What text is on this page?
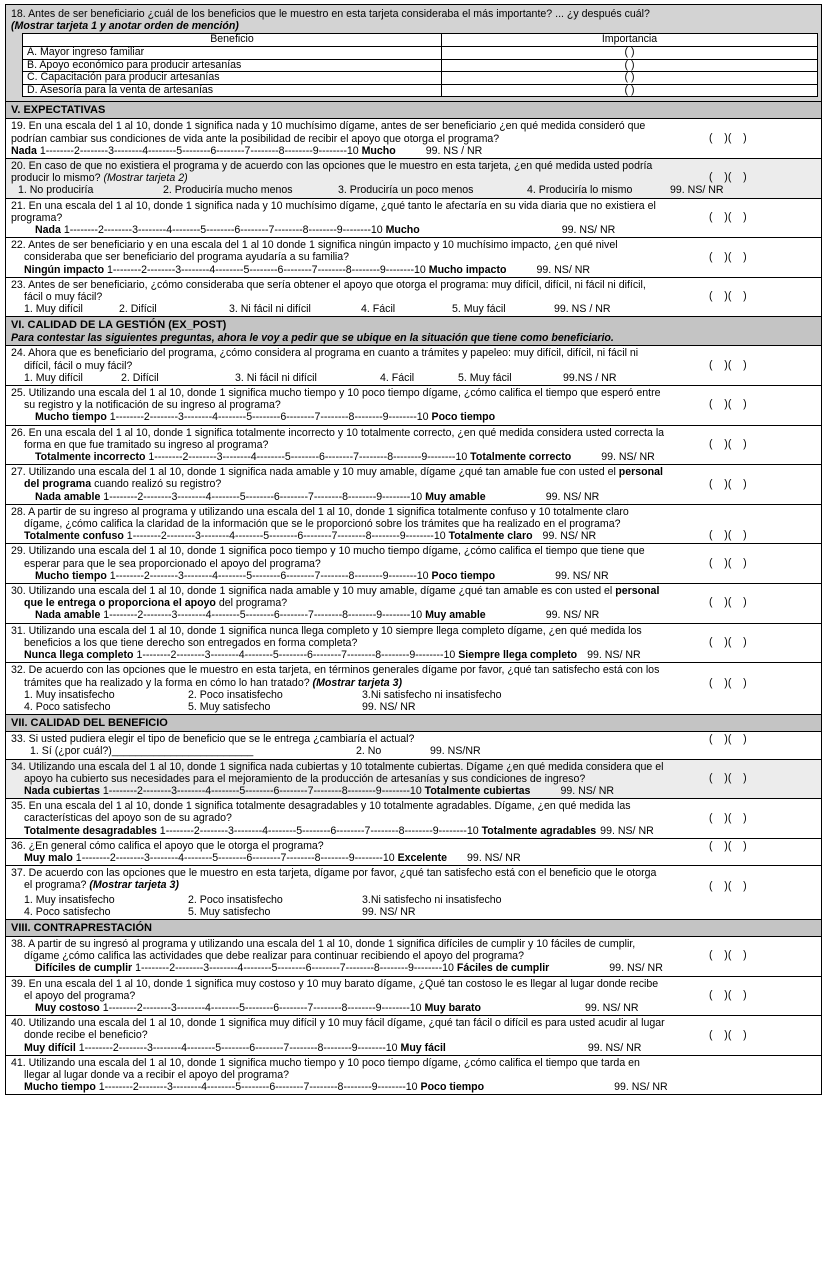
18. Antes de ser beneficiario ¿cuál de los beneficios que le muestro en esta tarjeta consideraba el más importante? ... ¿y después cuál?

(Mostrar tarjeta 1 y anotar orden de mención)

Beneficio	Importancia
A. Mayor ingreso familiar	( )
B. Apoyo económico para producir artesanías	( )
C. Capacitación para producir artesanías	( )
D. Asesoría para la venta de artesanías	( )
V. EXPECTATIVAS

19. En una escala del 1 al 10, donde 1 significa nada y 10 muchísimo dígame, antes de ser beneficiario ¿en qué medida consideró que

podrían cambiar sus condiciones de vida ante la posibilidad de recibir el apoyo que otorga el programa?

Nada 1--------2--------3--------4--------5--------6--------7--------8--------9--------10 Mucho	99. NS / NR

(    )(    )

20. En caso de que no existiera el programa y de acuerdo con las opciones que le muestro en esta tarjeta, ¿en qué medida usted podría

producir lo mismo? (Mostrar tarjeta 2)

1. No produciría	2. Produciría mucho menos	3. Produciría un poco menos	4. Produciría lo mismo	99. NS/ NR

(    )(    )

21. En una escala del 1 al 10, donde 1 significa nada y 10 muchísimo dígame, ¿qué tanto le afectaría en su vida diaria que no existiera el

programa?

Nada 1--------2--------3--------4--------5--------6--------7--------8--------9--------10 Mucho	99. NS/ NR

(    )(    )

22. Antes de ser beneficiario y en una escala del 1 al 10 donde 1 significa ningún impacto y 10 muchísimo impacto, ¿en qué nivel

consideraba que ser beneficiario del programa ayudaría a su familia?

Ningún impacto 1--------2--------3--------4--------5--------6--------7--------8--------9--------10 Mucho impacto	99. NS/ NR

(    )(    )

23. Antes de ser beneficiario, ¿cómo consideraba que sería obtener el apoyo que otorga el programa: muy difícil, difícil, ni fácil ni difícil,

fácil o muy fácil?

1. Muy difícil	2. Difícil	3. Ni fácil ni difícil	4. Fácil	5. Muy fácil	99. NS / NR

(    )(    )

VI. CALIDAD DE LA GESTIÓN (EX_POST)

Para contestar las siguientes preguntas, ahora le voy a pedir que se ubique en la situación que tiene como beneficiario.

24. Ahora que es beneficiario del programa, ¿cómo considera al programa en cuanto a trámites y papeleo: muy difícil, difícil, ni fácil ni

difícil, fácil o muy fácil?

1. Muy difícil	2. Difícil	3. Ni fácil ni difícil	4. Fácil	5. Muy fácil	99.NS / NR

(    )(    )

25. Utilizando una escala del 1 al 10, donde 1 significa mucho tiempo y 10 poco tiempo dígame, ¿cómo califica el tiempo que esperó entre

su registro y la notificación de su ingreso al programa?

Mucho tiempo 1--------2--------3--------4--------5--------6--------7--------8--------9--------10 Poco tiempo

(    )(    )

26. En una escala del 1 al 10, donde 1 significa totalmente incorrecto y 10 totalmente correcto, ¿en qué medida considera usted correcta la

forma en que fue tramitado su ingreso al programa?

Totalmente incorrecto 1--------2--------3--------4--------5--------6--------7--------8--------9--------10 Totalmente correcto	99. NS/ NR

(    )(    )

27. Utilizando una escala del 1 al 10, donde 1 significa nada amable y 10 muy amable, dígame ¿qué tan amable fue con usted el personal

del programa cuando realizó su registro?

Nada amable 1--------2--------3--------4--------5--------6--------7--------8--------9--------10 Muy amable	99. NS/ NR

(    )(    )

28. A partir de su ingreso al programa y utilizando una escala del 1 al 10, donde 1 significa totalmente confuso y 10 totalmente claro

dígame, ¿cómo califica la claridad de la información que se le proporcionó sobre los trámites que ha realizado en el programa?

Totalmente confuso 1--------2--------3--------4--------5--------6--------7--------8--------9--------10 Totalmente claro 99. NS/ NR	(    )(    )

29. Utilizando una escala del 1 al 10, donde 1 significa poco tiempo y 10 mucho tiempo dígame, ¿cómo califica el tiempo que tiene que

esperar para que le sea proporcionado el apoyo del programa?

Mucho tiempo 1--------2--------3--------4--------5--------6--------7--------8--------9--------10 Poco tiempo	99. NS/ NR

(    )(    )

30. Utilizando una escala del 1 al 10, donde 1 significa nada amable y 10 muy amable, dígame ¿qué tan amable es con usted el personal

que le entrega o proporciona el apoyo del programa?

Nada amable 1--------2--------3--------4--------5--------6--------7--------8--------9--------10 Muy amable	99. NS/ NR

(    )(    )

31. Utilizando una escala del 1 al 10, donde 1 significa nunca llega completo y 10 siempre llega completo dígame, ¿en qué medida los

beneficios a los que tiene derecho son entregados en forma completa?

Nunca llega completo 1--------2--------3--------4--------5--------6--------7--------8--------9--------10 Siempre llega completo 99. NS/ NR

(    )(    )

32. De acuerdo con las opciones que le muestro en esta tarjeta, en términos generales dígame por favor, ¿qué tan satisfecho está con los

trámites que ha realizado y la forma en cómo lo han tratado? (Mostrar tarjeta 3)

1. Muy insatisfecho	2. Poco insatisfecho	3.Ni satisfecho ni insatisfecho

4. Poco satisfecho	5. Muy satisfecho	99. NS/ NR

(    )(    )
VII. CALIDAD DEL BENEFICIO

33. Si usted pudiera elegir el tipo de beneficio que se le entrega ¿cambiaría el actual?

1. Sí (¿por cuál?)________________________	2. No	99. NS/NR

(    )(    )

34. Utilizando una escala del 1 al 10, donde 1 significa nada cubiertas y 10 totalmente cubiertas. Dígame ¿en qué medida considera que el

apoyo ha cubierto sus necesidades para el mejoramiento de la producción de artesanías y sus condiciones de ingreso?

Nada cubiertas 1--------2--------3--------4--------5--------6--------7--------8--------9--------10 Totalmente cubiertas	99. NS/ NR

(    )(    )

35. En una escala del 1 al 10, donde 1 significa totalmente desagradables y 10 totalmente agradables. Dígame, ¿en qué medida las

características del apoyo son de su agrado?

Totalmente desagradables 1--------2--------3--------4--------5--------6--------7--------8--------9--------10 Totalmente agradables 99. NS/ NR

(    )(    )

36. ¿En general cómo califica el apoyo que le otorga el programa?

Muy malo 1--------2--------3--------4--------5--------6--------7--------8--------9--------10 Excelente 99. NS/ NR

(    )(    )

37. De acuerdo con las opciones que le muestro en esta tarjeta, dígame por favor, ¿qué tan satisfecho está con el beneficio que le otorga

el programa? (Mostrar tarjeta 3)

1. Muy insatisfecho	2. Poco insatisfecho	3.Ni satisfecho ni insatisfecho

4. Poco satisfecho	5. Muy satisfecho	99. NS/ NR

(    )(    )
VIII. CONTRAPRESTACIÓN

38. A partir de su ingresó al programa y utilizando una escala del 1 al 10, donde 1 significa difíciles de cumplir y 10 fáciles de cumplir,

dígame ¿cómo califica las actividades que debe realizar para continuar recibiendo el apoyo del programa?

Difíciles de cumplir 1--------2--------3--------4--------5--------6--------7--------8--------9--------10 Fáciles de cumplir	99. NS/ NR

(    )(    )

39. En una escala del 1 al 10, donde 1 significa muy costoso y 10 muy barato dígame, ¿Qué tan costoso le es llegar al lugar donde recibe

el apoyo del programa?

Muy costoso 1--------2--------3--------4--------5--------6--------7--------8--------9--------10 Muy barato	99. NS/ NR

(    )(    )

40. Utilizando una escala del 1 al 10, donde 1 significa muy difícil y 10 muy fácil dígame, ¿qué tan fácil o difícil es para usted acudir al lugar

donde recibe el beneficio?

Muy difícil 1--------2--------3--------4--------5--------6--------7--------8--------9--------10 Muy fácil	99. NS/ NR

(    )(    )

41. Utilizando una escala del 1 al 10, donde 1 significa mucho tiempo y 10 poco tiempo dígame, ¿cómo califica el tiempo que tarda en

llegar al lugar donde va a recibir el apoyo del programa?

Mucho tiempo 1--------2--------3--------4--------5--------6--------7--------8--------9--------10 Poco tiempo	99. NS/ NR
